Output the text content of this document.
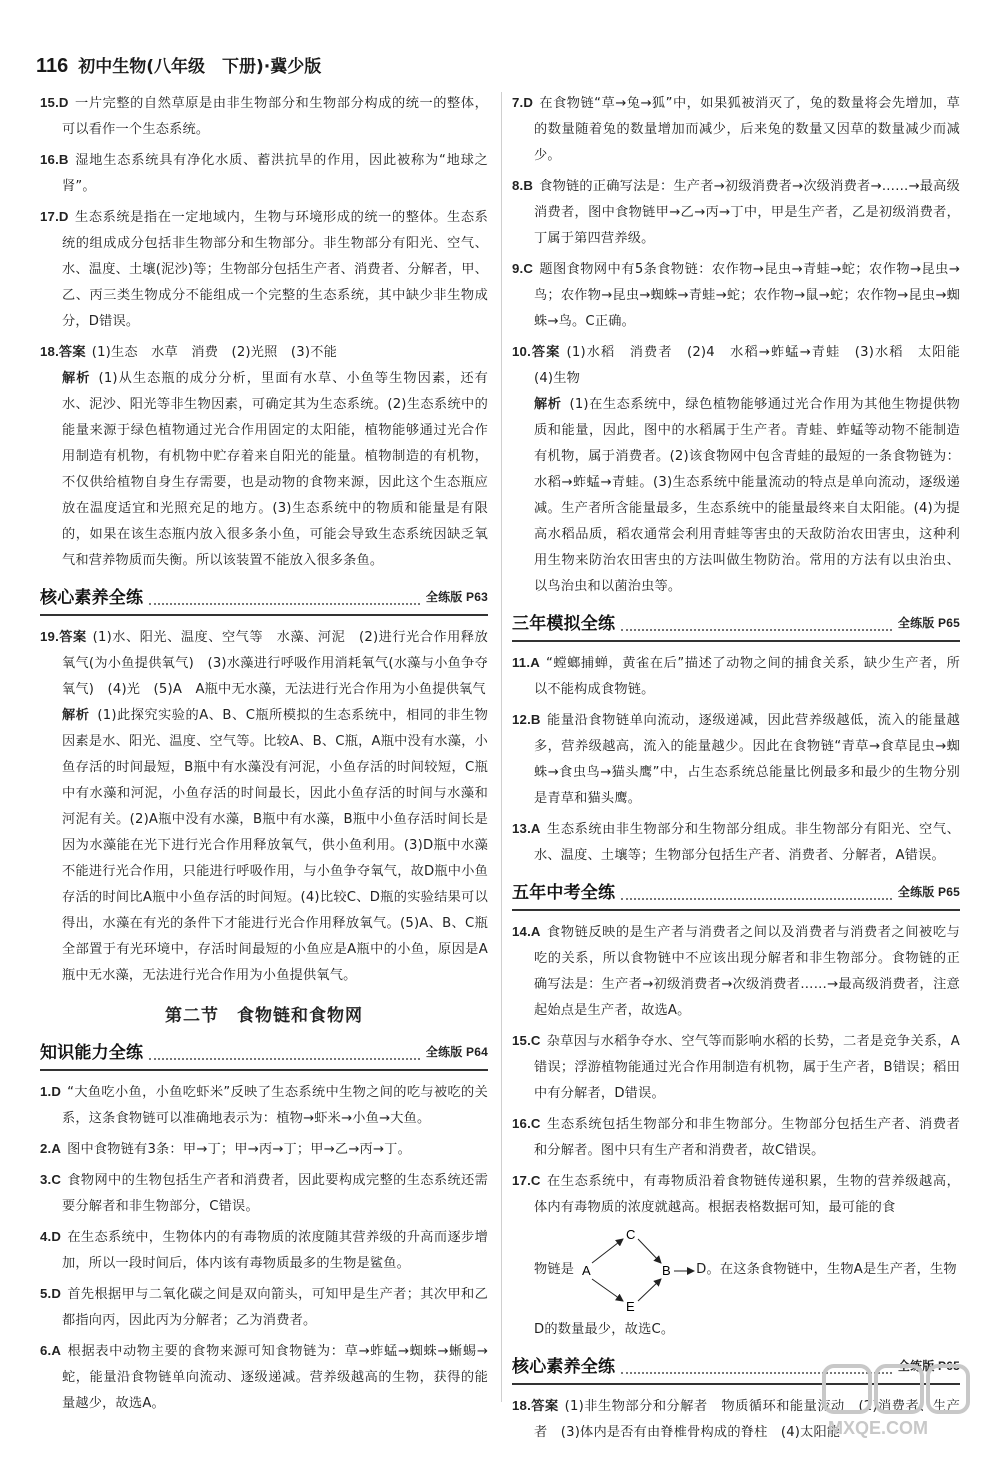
116 初中生物(八年级　下册)·冀少版

15.D 一片完整的自然草原是由非生物部分和生物部分构成的统一的整体，可以看作一个生态系统。

16.B 湿地生态系统具有净化水质、蓄洪抗旱的作用，因此被称为“地球之肾”。

17.D 生态系统是指在一定地域内，生物与环境形成的统一的整体。生态系统的组成成分包括非生物部分和生物部分。非生物部分有阳光、空气、水、温度、土壤(泥沙)等；生物部分包括生产者、消费者、分解者，甲、乙、丙三类生物成分不能组成一个完整的生态系统，其中缺少非生物成分，D错误。

18.答案 (1)生态　水草　消费　(2)光照　(3)不能

解析 (1)从生态瓶的成分分析，里面有水草、小鱼等生物因素，还有水、泥沙、阳光等非生物因素，可确定其为生态系统。(2)生态系统中的能量来源于绿色植物通过光合作用固定的太阳能，植物能够通过光合作用制造有机物，有机物中贮存着来自阳光的能量。植物制造的有机物，不仅供给植物自身生存需要，也是动物的食物来源，因此这个生态瓶应放在温度适宜和光照充足的地方。(3)生态系统中的物质和能量是有限的，如果在该生态瓶内放入很多条小鱼，可能会导致生态系统因缺乏氧气和营养物质而失衡。所以该装置不能放入很多条鱼。

核心素养全练	全练版 P63

19.答案 (1)水、阳光、温度、空气等　水藻、河泥　(2)进行光合作用释放氧气(为小鱼提供氧气)　(3)水藻进行呼吸作用消耗氧气(水藻与小鱼争夺氧气)　(4)光　(5)A　A瓶中无水藻，无法进行光合作用为小鱼提供氧气

解析 (1)此探究实验的A、B、C瓶所模拟的生态系统中，相同的非生物因素是水、阳光、温度、空气等。比较A、B、C瓶，A瓶中没有水藻，小鱼存活的时间最短，B瓶中有水藻没有河泥，小鱼存活的时间较短，C瓶中有水藻和河泥，小鱼存活的时间最长，因此小鱼存活的时间与水藻和河泥有关。(2)A瓶中没有水藻，B瓶中有水藻，B瓶中小鱼存活时间长是因为水藻能在光下进行光合作用释放氧气，供小鱼利用。(3)D瓶中水藻不能进行光合作用，只能进行呼吸作用，与小鱼争夺氧气，故D瓶中小鱼存活的时间比A瓶中小鱼存活的时间短。(4)比较C、D瓶的实验结果可以得出，水藻在有光的条件下才能进行光合作用释放氧气。(5)A、B、C瓶全部置于有光环境中，存活时间最短的小鱼应是A瓶中的小鱼，原因是A瓶中无水藻，无法进行光合作用为小鱼提供氧气。

第二节　食物链和食物网
知识能力全练	全练版 P64

1.D “大鱼吃小鱼，小鱼吃虾米”反映了生态系统中生物之间的吃与被吃的关系，这条食物链可以准确地表示为：植物→虾米→小鱼→大鱼。

2.A 图中食物链有3条：甲→丁；甲→丙→丁；甲→乙→丙→丁。

3.C 食物网中的生物包括生产者和消费者，因此要构成完整的生态系统还需要分解者和非生物部分，C错误。

4.D 在生态系统中，生物体内的有毒物质的浓度随其营养级的升高而逐步增加，所以一段时间后，体内该有毒物质最多的生物是鲨鱼。

5.D 首先根据甲与二氧化碳之间是双向箭头，可知甲是生产者；其次甲和乙都指向丙，因此丙为分解者；乙为消费者。

6.A 根据表中动物主要的食物来源可知食物链为：草→蚱蜢→蜘蛛→蜥蜴→蛇，能量沿食物链单向流动、逐级递减。营养级越高的生物，获得的能量越少，故选A。

7.D 在食物链“草→兔→狐”中，如果狐被消灭了，兔的数量将会先增加，草的数量随着兔的数量增加而减少，后来兔的数量又因草的数量减少而减少。

8.B 食物链的正确写法是：生产者→初级消费者→次级消费者→……→最高级消费者，图中食物链甲→乙→丙→丁中，甲是生产者，乙是初级消费者，丁属于第四营养级。

9.C 题图食物网中有5条食物链：农作物→昆虫→青蛙→蛇；农作物→昆虫→鸟；农作物→昆虫→蜘蛛→青蛙→蛇；农作物→鼠→蛇；农作物→昆虫→蜘蛛→鸟。C正确。

10.答案 (1)水稻　消费者　(2)4　水稻→蚱蜢→青蛙　(3)水稻　太阳能　(4)生物

解析 (1)在生态系统中，绿色植物能够通过光合作用为其他生物提供物质和能量，因此，图中的水稻属于生产者。青蛙、蚱蜢等动物不能制造有机物，属于消费者。(2)该食物网中包含青蛙的最短的一条食物链为：水稻→蚱蜢→青蛙。(3)生态系统中能量流动的特点是单向流动，逐级递减。生产者所含能量最多，生态系统中的能量最终来自太阳能。(4)为提高水稻品质，稻农通常会利用青蛙等害虫的天敌防治农田害虫，这种利用生物来防治农田害虫的方法叫做生物防治。常用的方法有以虫治虫、以鸟治虫和以菌治虫等。

三年模拟全练	全练版 P65

11.A “螳螂捕蝉，黄雀在后”描述了动物之间的捕食关系，缺少生产者，所以不能构成食物链。

12.B 能量沿食物链单向流动，逐级递减，因此营养级越低，流入的能量越多，营养级越高，流入的能量越少。因此在食物链“青草→食草昆虫→蜘蛛→食虫鸟→猫头鹰”中，占生态系统总能量比例最多和最少的生物分别是青草和猫头鹰。

13.A 生态系统由非生物部分和生物部分组成。非生物部分有阳光、空气、水、温度、土壤等；生物部分包括生产者、消费者、分解者，A错误。

五年中考全练	全练版 P65

14.A 食物链反映的是生产者与消费者之间以及消费者与消费者之间被吃与吃的关系，所以食物链中不应该出现分解者和非生物部分。食物链的正确写法是：生产者→初级消费者→次级消费者……→最高级消费者，注意起始点是生产者，故选A。

15.C 杂草因与水稻争夺水、空气等而影响水稻的长势，二者是竞争关系，A错误；浮游植物能通过光合作用制造有机物，属于生产者，B错误；稻田中有分解者，D错误。

16.C 生态系统包括生物部分和非生物部分。生物部分包括生产者、消费者和分解者。图中只有生产者和消费者，故C错误。

17.C 在生态系统中，有毒物质沿着食物链传递积累，生物的营养级越高，体内有毒物质的浓度就越高。根据表格数据可知，最可能的食

物链是 A
C
B
E
D。在这条食物链中，生物A是生产者，生物

D的数量最少，故选C。

核心素养全练	全练版 P65

18.答案 (1)非生物部分和分解者　物质循环和能量流动　(2)消费者、生产者　(3)体内是否有由脊椎骨构成的脊柱　(4)太阳能

MXQE.COM
